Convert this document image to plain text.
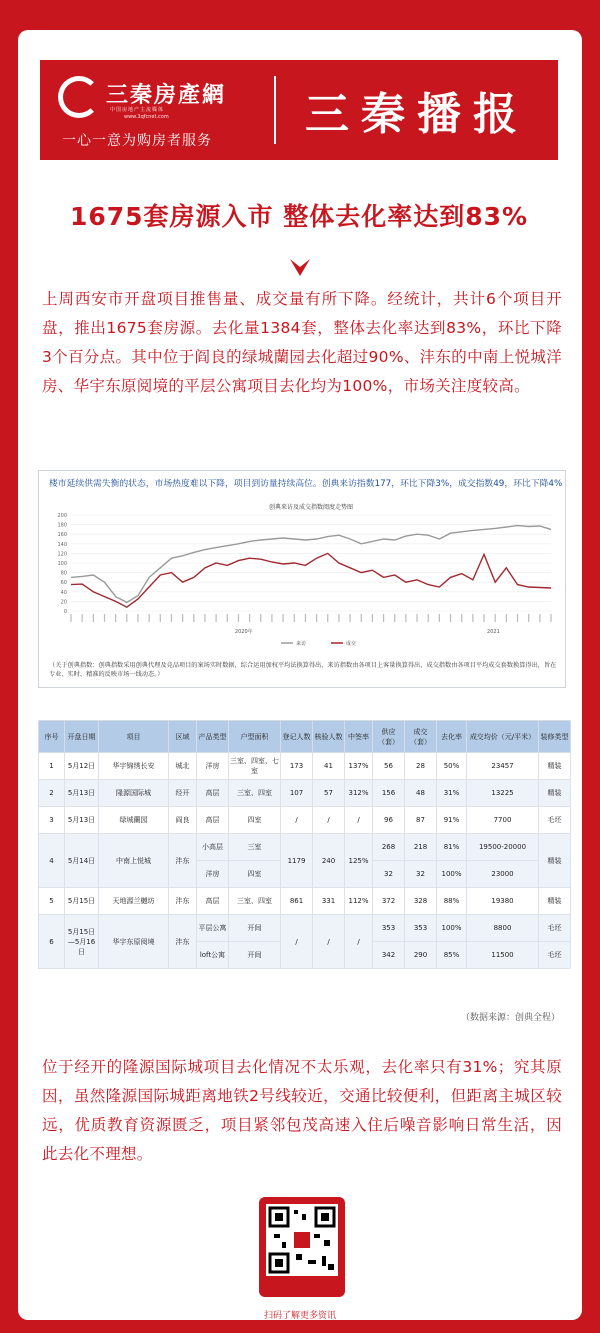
三秦房產網
中国房地产主流媒体
www.3qfcnet.com
一心一意为购房者服务
三秦播报
1675套房源入市 整体去化率达到83%
上周西安市开盘项目推售量、成交量有所下降。经统计，共计6个项目开盘，推出1675套房源。去化量1384套，整体去化率达到83%，环比下降3个百分点。其中位于阎良的绿城蘭园去化超过90%、沣东的中南上悦城洋房、华宇东原阅境的平层公寓项目去化均为100%，市场关注度较高。
楼市延续供需失衡的状态，市场热度难以下降，项目到访量持续高位。创典来访指数177，环比下降3%，成交指数49，环比下降4%
创典来访及成交指数阅度走势图
200
180
160
140
120
100
80
60
40
20
0
2020年	2021
来访	成交
（关于创典指数：创典指数采用创典代理及竞品项目的案场实时数据，综合运用加权平均法换算得出，来访指数由各项目上客量换算得出，成交指数由各项目平均成交套数换算得出，旨在专业、实时、精准的反映市场一线动态。）
序号	开盘日期	项目	区域	产品类型	户型面积	登记人数	核验人数	中签率	供应（套）	成交（套）	去化率	成交均价（元/平米）	装修类型
1	5月12日	华宇锦绣长安	城北	洋房	三室、四室、七室	173	41	137%	56	28	50%	23457	精装
2	5月13日	隆源国际城	经开	高层	三室、四室	107	57	312%	156	48	31%	13225	精装
3	5月13日	绿城蘭园	阎良	高层	四室	/	/	/	96	87	91%	7700	毛坯
4	5月14日	中南上悦城	沣东	小高层	三室	1179	240	125%	268	218	81%	19500-20000	精装
				洋房	四室				32	32	100%	23000	
5	5月15日	天地源兰樾坊	沣东	高层	三室、四室	861	331	112%	372	328	88%	19380	精装
6	5月15日—5月16日	华宇东原阅境	沣东	平层公寓	开间	/	/	/	353	353	100%	8800	毛坯
				loft公寓	开间				342	290	85%	11500	毛坯
（数据来源：创典全程）
位于经开的隆源国际城项目去化情况不太乐观，去化率只有31%；究其原因，虽然隆源国际城距离地铁2号线较近，交通比较便利，但距离主城区较远，优质教育资源匮乏，项目紧邻包茂高速入住后噪音影响日常生活，因此去化不理想。
扫码了解更多资讯
